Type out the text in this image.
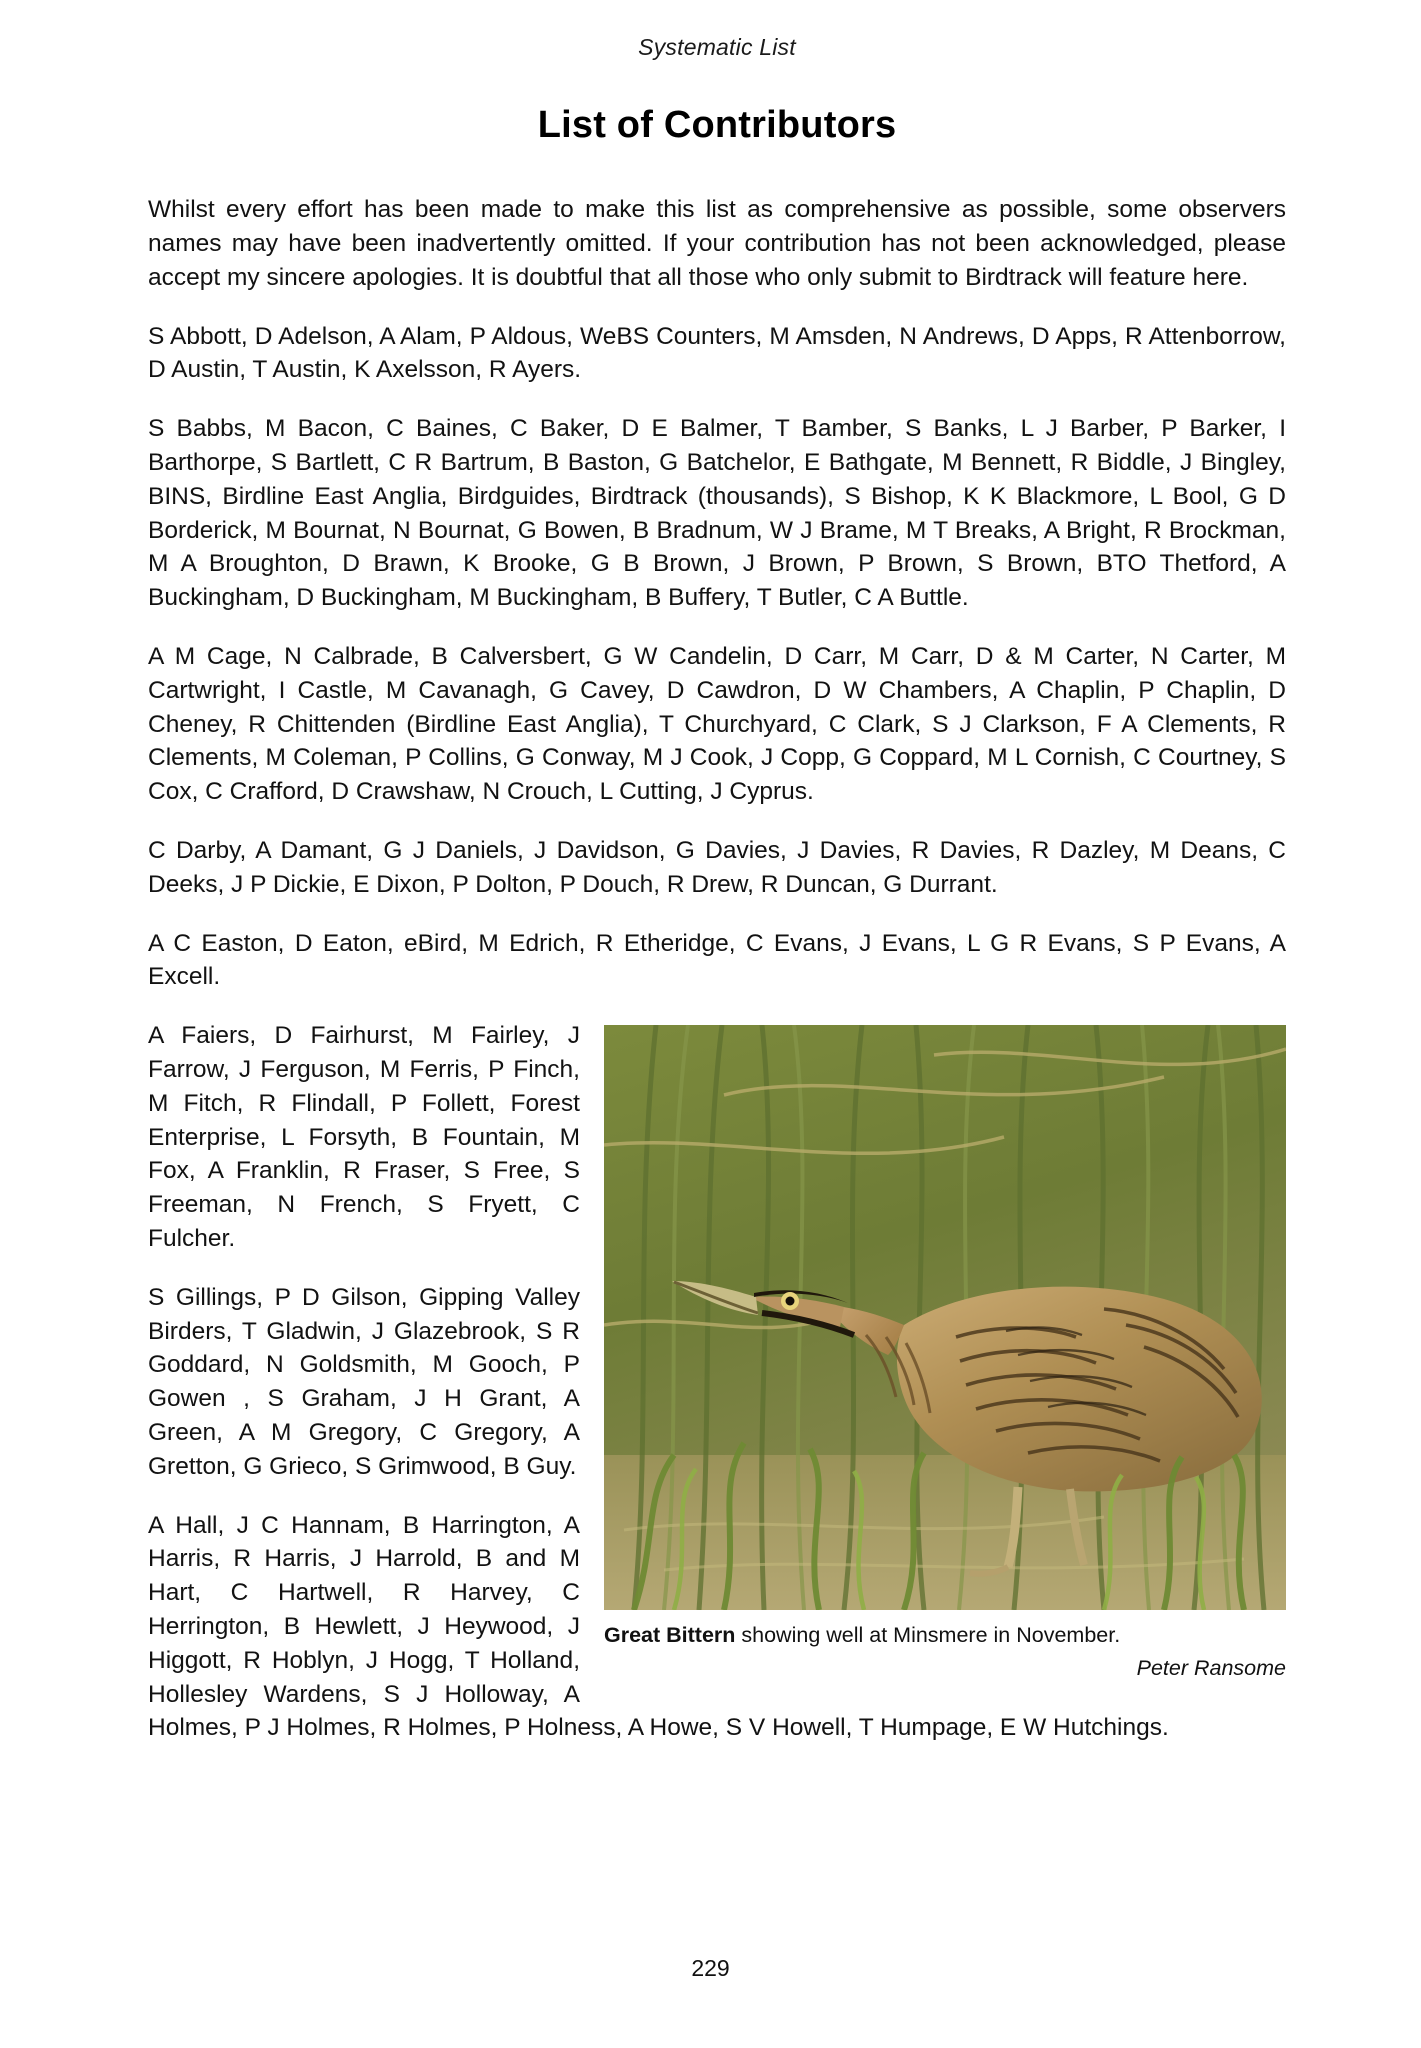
Systematic List
List of Contributors

Whilst every effort has been made to make this list as comprehensive as possible, some observers names may have been inadvertently omitted. If your contribution has not been acknowledged, please accept my sincere apologies. It is doubtful that all those who only submit to Birdtrack will feature here.

S Abbott, D Adelson, A Alam, P Aldous, WeBS Counters, M Amsden, N Andrews, D Apps, R Attenborrow, D Austin, T Austin, K Axelsson, R Ayers.

S Babbs, M Bacon, C Baines, C Baker, D E Balmer, T Bamber, S Banks, L J Barber, P Barker, I Barthorpe, S Bartlett, C R Bartrum, B Baston, G Batchelor, E Bathgate, M Bennett, R Biddle, J Bingley, BINS, Birdline East Anglia, Birdguides, Birdtrack (thousands), S Bishop, K K Blackmore, L Bool, G D Borderick, M Bournat, N Bournat, G Bowen, B Bradnum, W J Brame, M T Breaks, A Bright, R Brockman, M A Broughton, D Brawn, K Brooke, G B Brown, J Brown, P Brown, S Brown, BTO Thetford, A Buckingham, D Buckingham, M Buckingham, B Buffery, T Butler, C A Buttle.

A M Cage, N Calbrade, B Calversbert, G W Candelin, D Carr, M Carr, D & M Carter, N Carter, M Cartwright, I Castle, M Cavanagh, G Cavey, D Cawdron, D W Chambers, A Chaplin, P Chaplin, D Cheney, R Chittenden (Birdline East Anglia), T Churchyard, C Clark, S J Clarkson, F A Clements, R Clements, M Coleman, P Collins, G Conway, M J Cook, J Copp, G Coppard, M L Cornish, C Courtney, S Cox, C Crafford, D Crawshaw, N Crouch, L Cutting, J Cyprus.

C Darby, A Damant, G J Daniels, J Davidson, G Davies, J Davies, R Davies, R Dazley, M Deans, C Deeks, J P Dickie, E Dixon, P Dolton, P Douch, R Drew, R Duncan, G Durrant.

A C Easton, D Eaton, eBird, M Edrich, R Etheridge, C Evans, J Evans, L G R Evans, S P Evans, A Excell.

Great Bittern showing well at Minsmere in November.
Peter Ransome

A Faiers, D Fairhurst, M Fairley, J Farrow, J Ferguson, M Ferris, P Finch, M Fitch, R Flindall, P Follett, Forest Enterprise, L Forsyth, B Fountain, M Fox, A Franklin, R Fraser, S Free, S Freeman, N French, S Fryett, C Fulcher.

S Gillings, P D Gilson, Gipping Valley Birders, T Gladwin, J Glazebrook, S R Goddard, N Goldsmith, M Gooch, P Gowen , S Graham, J H Grant, A Green, A M Gregory, C Gregory, A Gretton, G Grieco, S Grimwood, B Guy.

A Hall, J C Hannam, B Harrington, A Harris, R Harris, J Harrold, B and M Hart, C Hartwell, R Harvey, C Herrington, B Hewlett, J Heywood, J Higgott, R Hoblyn, J Hogg, T Holland, Hollesley Wardens, S J Holloway, A Holmes, P J Holmes, R Holmes, P Holness, A Howe, S V Howell, T Humpage, E W Hutchings.

229
